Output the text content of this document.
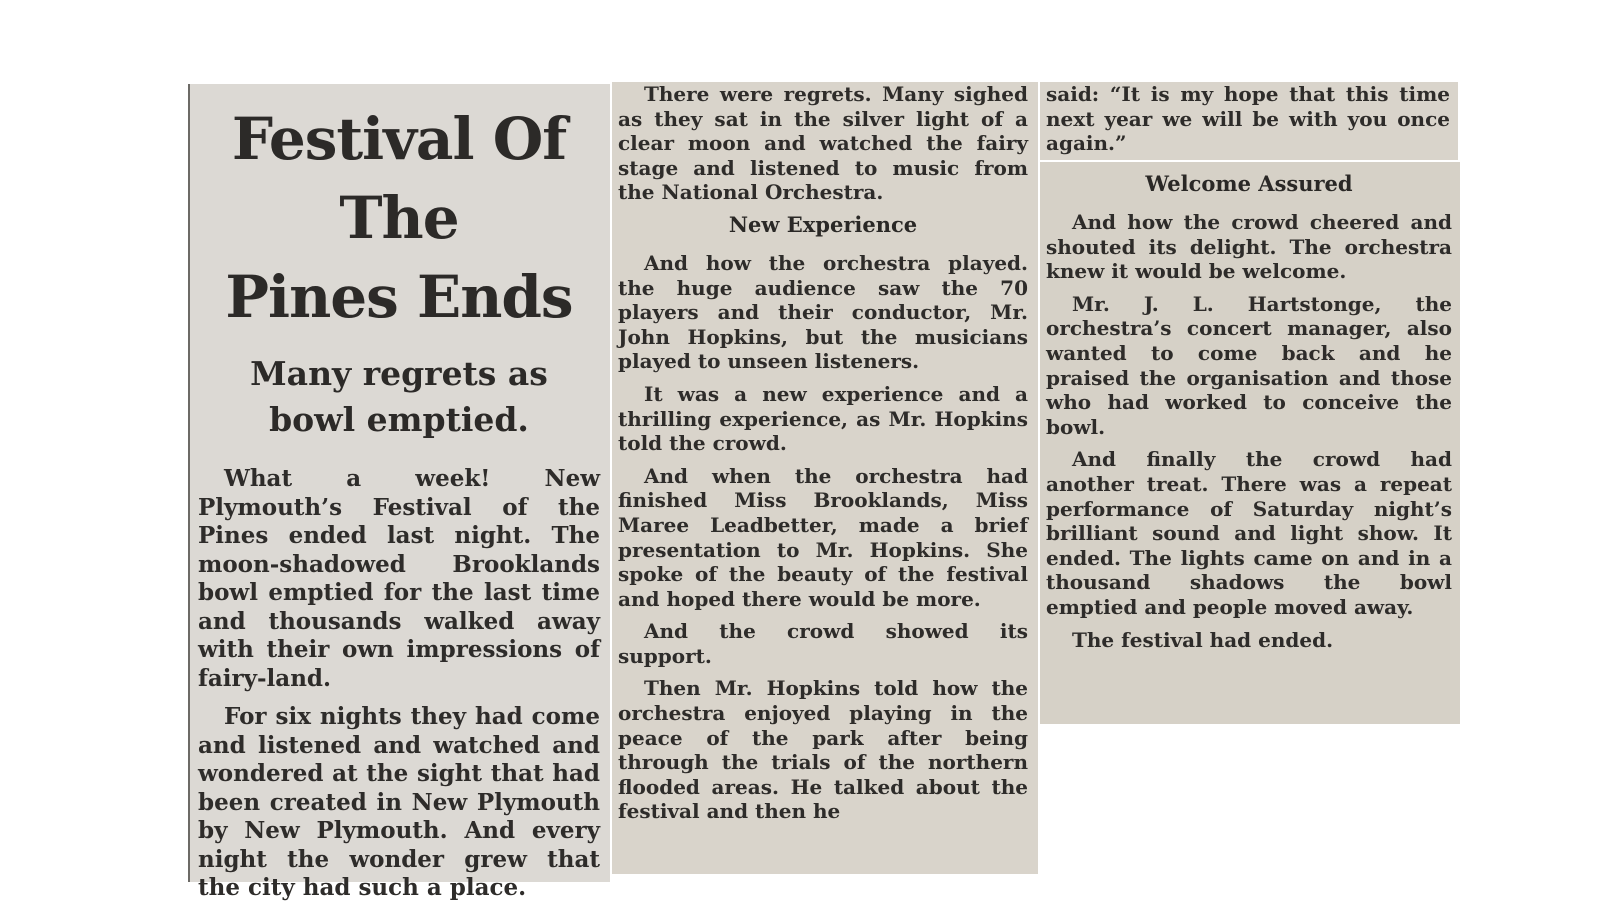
Festival Of
The
Pines Ends
Many regrets as
bowl emptied.

What a week! New Plymouth’s Festival of the Pines ended last night. The moon-shadowed Brooklands bowl emptied for the last time and thousands walked away with their own impressions of fairy-land.

For six nights they had come and listened and watched and wondered at the sight that had been created in New Plymouth by New Plymouth. And every night the wonder grew that the city had such a place.

There were regrets. Many sighed as they sat in the silver light of a clear moon and watched the fairy stage and listened to music from the National Orchestra.

New Experience

And how the orchestra played. the huge audience saw the 70 players and their conductor, Mr. John Hopkins, but the musicians played to unseen listeners.

It was a new experience and a thrilling experience, as Mr. Hopkins told the crowd.

And when the orchestra had finished Miss Brooklands, Miss Maree Leadbetter, made a brief presentation to Mr. Hopkins. She spoke of the beauty of the festival and hoped there would be more.

And the crowd showed its support.

Then Mr. Hopkins told how the orchestra enjoyed playing in the peace of the park after being through the trials of the northern flooded areas. He talked about the festival and then he

said: “It is my hope that this time next year we will be with you once again.”

Welcome Assured

And how the crowd cheered and shouted its delight. The orchestra knew it would be welcome.

Mr. J. L. Hartstonge, the orchestra’s concert manager, also wanted to come back and he praised the organisation and those who had worked to conceive the bowl.

And finally the crowd had another treat. There was a repeat performance of Saturday night’s brilliant sound and light show. It ended. The lights came on and in a thousand shadows the bowl emptied and people moved away.

The festival had ended.
